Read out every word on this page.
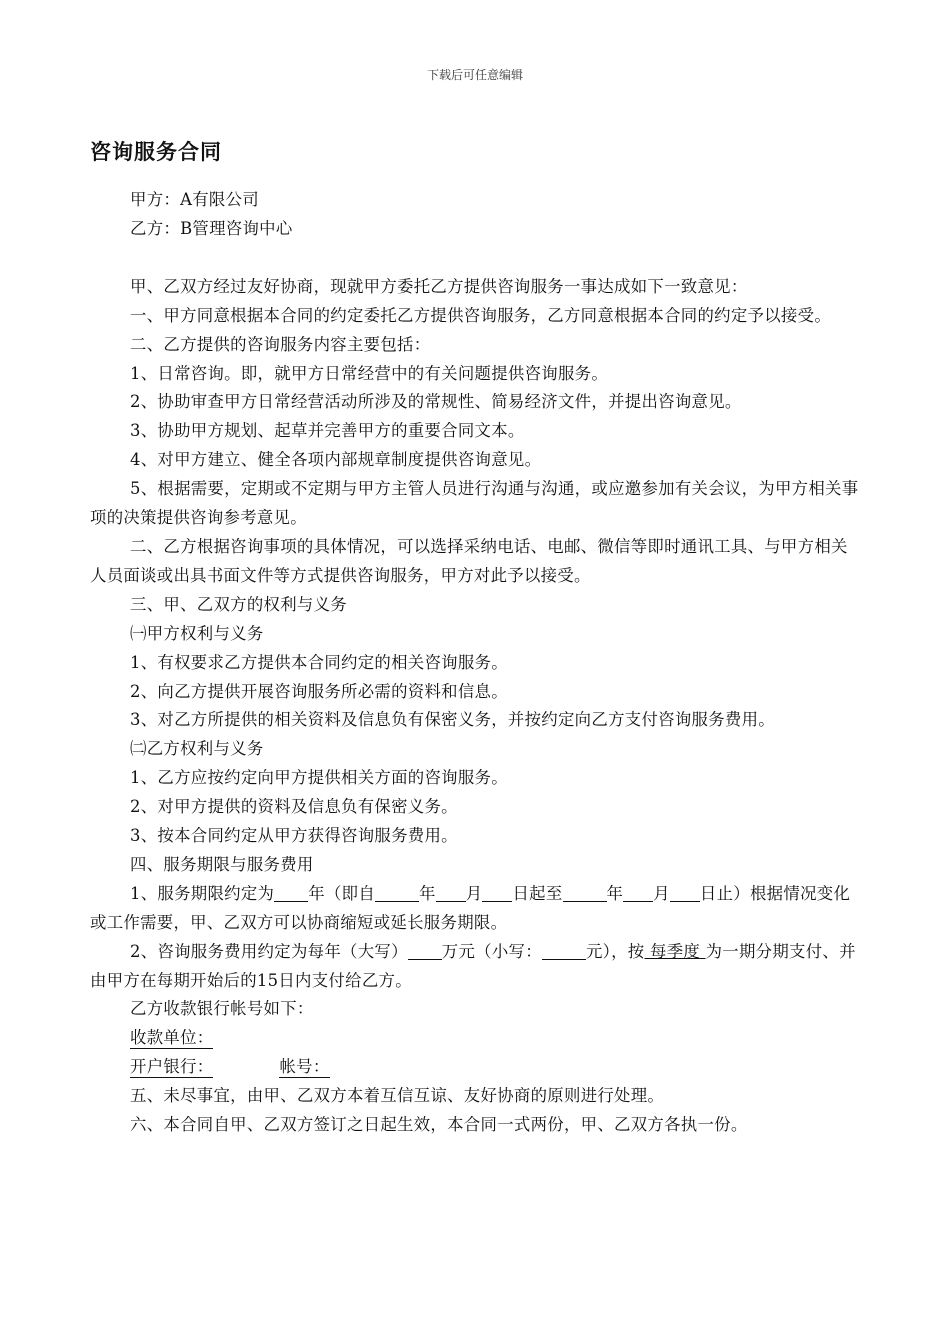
下载后可任意编辑
咨询服务合同

甲方：A有限公司

乙方：B管理咨询中心

甲、乙双方经过友好协商，现就甲方委托乙方提供咨询服务一事达成如下一致意见：

一、甲方同意根据本合同的约定委托乙方提供咨询服务，乙方同意根据本合同的约定予以接受。

二、乙方提供的咨询服务内容主要包括：

1、日常咨询。即，就甲方日常经营中的有关问题提供咨询服务。

2、协助审查甲方日常经营活动所涉及的常规性、简易经济文件，并提出咨询意见。

3、协助甲方规划、起草并完善甲方的重要合同文本。

4、对甲方建立、健全各项内部规章制度提供咨询意见。

5、根据需要，定期或不定期与甲方主管人员进行沟通与沟通，或应邀参加有关会议，为甲方相关事项的决策提供咨询参考意见。

二、乙方根据咨询事项的具体情况，可以选择采纳电话、电邮、微信等即时通讯工具、与甲方相关人员面谈或出具书面文件等方式提供咨询服务，甲方对此予以接受。

三、甲、乙双方的权利与义务

㈠甲方权利与义务

1、有权要求乙方提供本合同约定的相关咨询服务。

2、向乙方提供开展咨询服务所必需的资料和信息。

3、对乙方所提供的相关资料及信息负有保密义务，并按约定向乙方支付咨询服务费用。

㈡乙方权利与义务

1、乙方应按约定向甲方提供相关方面的咨询服务。

2、对甲方提供的资料及信息负有保密义务。

3、按本合同约定从甲方获得咨询服务费用。

四、服务期限与服务费用

1、服务期限约定为 年（即自	年 月 日起至	年 月 日止）根据情况变化或工作需要，甲、乙双方可以协商缩短或延长服务期限。

2、咨询服务费用约定为每年（大写） 万元（小写：	元），按 每季度 为一期分期支付、并由甲方在每期开始后的15日内支付给乙方。

乙方收款银行帐号如下：

收款单位：

开户银行：	帐号：

五、未尽事宜，由甲、乙双方本着互信互谅、友好协商的原则进行处理。

六、本合同自甲、乙双方签订之日起生效，本合同一式两份，甲、乙双方各执一份。
